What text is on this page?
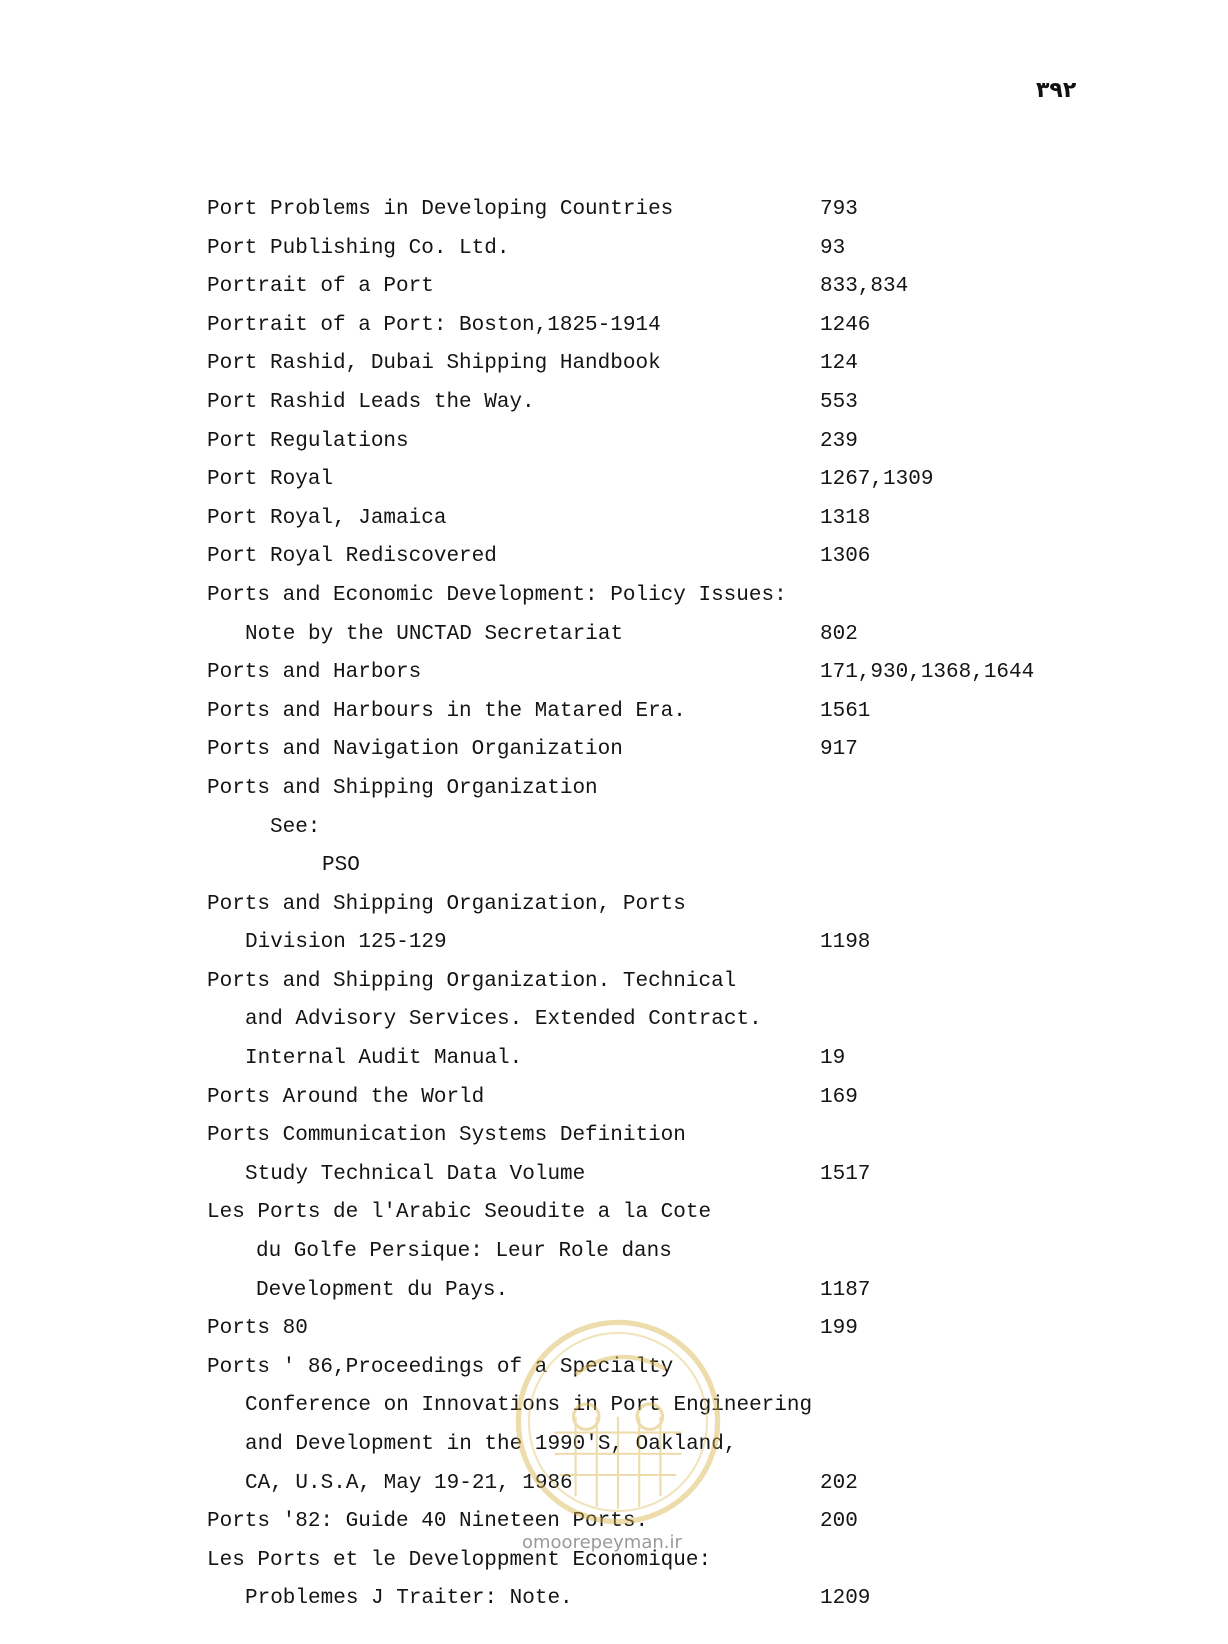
۳۹۲
Port Problems in Developing Countries	793
Port Publishing Co. Ltd.	93
Portrait of a Port	833,834
Portrait of a Port: Boston,1825-1914	1246
Port Rashid, Dubai Shipping Handbook	124
Port Rashid Leads the Way.	553
Port Regulations	239
Port Royal	1267,1309
Port Royal, Jamaica	1318
Port Royal Rediscovered	1306
Ports and Economic Development: Policy Issues:
Note by the UNCTAD Secretariat	802
Ports and Harbors	171,930,1368,1644
Ports and Harbours in the Matared Era.	1561
Ports and Navigation Organization	917
Ports and Shipping Organization
See:
PSO
Ports and Shipping Organization, Ports
Division 125-129	1198
Ports and Shipping Organization. Technical
and Advisory Services. Extended Contract.
Internal Audit Manual.	19
Ports Around the World	169
Ports Communication Systems Definition
Study Technical Data Volume	1517
Les Ports de l'Arabic Seoudite a la Cote
du Golfe Persique: Leur Role dans
Development du Pays.	1187
Ports 80	199
Ports ' 86,Proceedings of a Specialty
Conference on Innovations in Port Engineering
and Development in the 1990'S, Oakland,
CA, U.S.A, May 19-21, 1986	202
Ports '82: Guide 40 Nineteen Ports.	200
Les Ports et le Developpment Economique:
Problemes J Traiter: Note.	1209
omoorepeyman.ir
